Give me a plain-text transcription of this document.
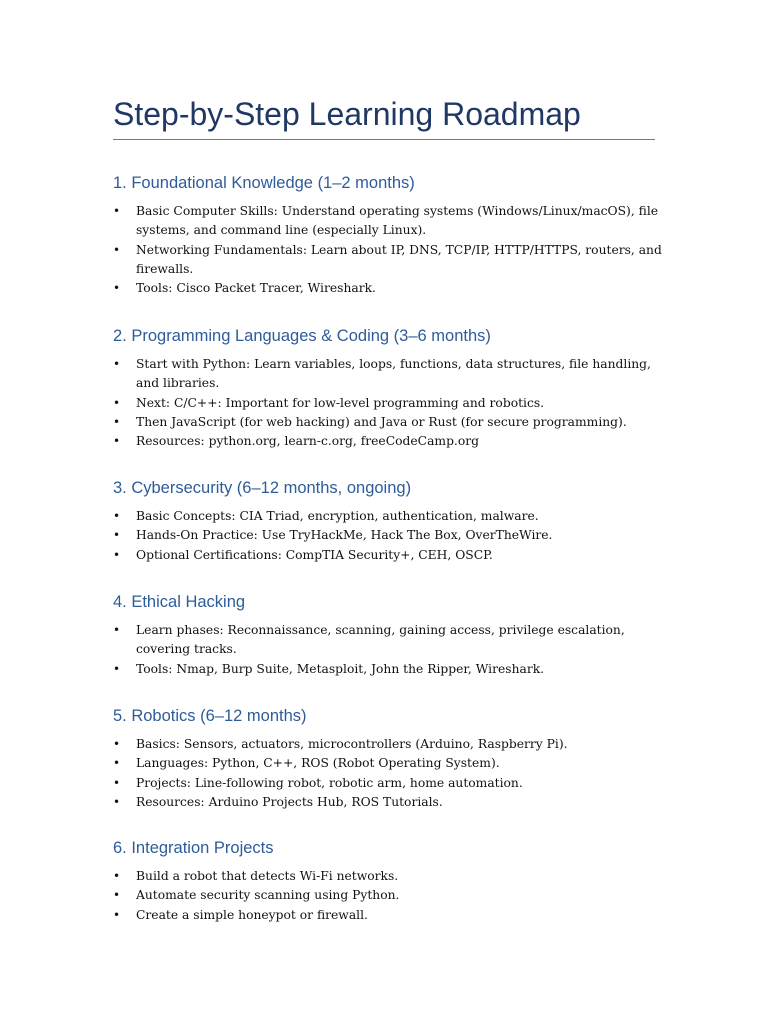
Step-by-Step Learning Roadmap
1. Foundational Knowledge (1–2 months)
• Basic Computer Skills: Understand operating systems (Windows/Linux/macOS), file systems, and command line (especially Linux).
• Networking Fundamentals: Learn about IP, DNS, TCP/IP, HTTP/HTTPS, routers, and firewalls.
• Tools: Cisco Packet Tracer, Wireshark.
2. Programming Languages & Coding (3–6 months)
• Start with Python: Learn variables, loops, functions, data structures, file handling, and libraries.
• Next: C/C++: Important for low-level programming and robotics.
• Then JavaScript (for web hacking) and Java or Rust (for secure programming).
• Resources: python.org, learn-c.org, freeCodeCamp.org
3. Cybersecurity (6–12 months, ongoing)
• Basic Concepts: CIA Triad, encryption, authentication, malware.
• Hands-On Practice: Use TryHackMe, Hack The Box, OverTheWire.
• Optional Certifications: CompTIA Security+, CEH, OSCP.
4. Ethical Hacking
• Learn phases: Reconnaissance, scanning, gaining access, privilege escalation, covering tracks.
• Tools: Nmap, Burp Suite, Metasploit, John the Ripper, Wireshark.
5. Robotics (6–12 months)
• Basics: Sensors, actuators, microcontrollers (Arduino, Raspberry Pi).
• Languages: Python, C++, ROS (Robot Operating System).
• Projects: Line-following robot, robotic arm, home automation.
• Resources: Arduino Projects Hub, ROS Tutorials.
6. Integration Projects
• Build a robot that detects Wi-Fi networks.
• Automate security scanning using Python.
• Create a simple honeypot or firewall.
